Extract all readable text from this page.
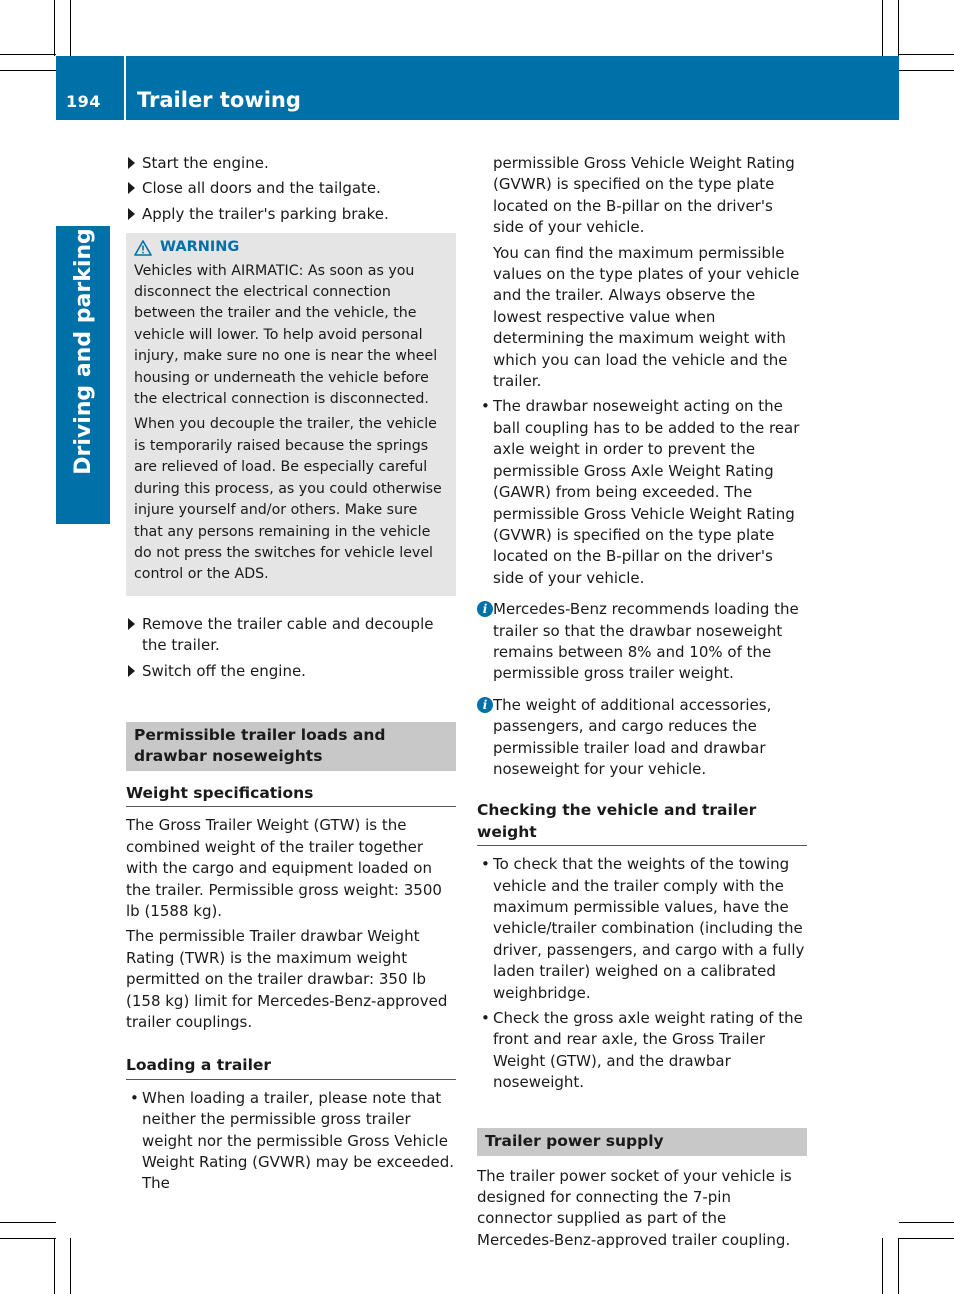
194 Trailer towing
Driving and parking
Start the engine.
Close all doors and the tailgate.
Apply the trailer's parking brake.
WARNING

Vehicles with AIRMATIC: As soon as you disconnect the electrical connection between the trailer and the vehicle, the vehicle will lower. To help avoid personal injury, make sure no one is near the wheel housing or underneath the vehicle before the electrical connection is disconnected.

When you decouple the trailer, the vehicle is temporarily raised because the springs are relieved of load. Be especially careful during this process, as you could otherwise injure yourself and/or others. Make sure that any persons remaining in the vehicle do not press the switches for vehicle level control or the ADS.

Remove the trailer cable and decouple the trailer.
Switch off the engine.
Permissible trailer loads and drawbar noseweights
Weight specifications

The Gross Trailer Weight (GTW) is the combined weight of the trailer together with the cargo and equipment loaded on the trailer. Permissible gross weight: 3500 lb (1588 kg).

The permissible Trailer drawbar Weight Rating (TWR) is the maximum weight permitted on the trailer drawbar: 350 lb (158 kg) limit for Mercedes-Benz-approved trailer couplings.

Loading a trailer
• When loading a trailer, please note that neither the permissible gross trailer weight nor the permissible Gross Vehicle Weight Rating (GVWR) may be exceeded. The

permissible Gross Vehicle Weight Rating (GVWR) is specified on the type plate located on the B-pillar on the driver's side of your vehicle.

You can find the maximum permissible values on the type plates of your vehicle and the trailer. Always observe the lowest respective value when determining the maximum weight with which you can load the vehicle and the trailer.

• The drawbar noseweight acting on the ball coupling has to be added to the rear axle weight in order to prevent the permissible Gross Axle Weight Rating (GAWR) from being exceeded. The permissible Gross Vehicle Weight Rating (GVWR) is specified on the type plate located on the B-pillar on the driver's side of your vehicle.
i Mercedes-Benz recommends loading the trailer so that the drawbar noseweight remains between 8% and 10% of the permissible gross trailer weight.
i The weight of additional accessories, passengers, and cargo reduces the permissible trailer load and drawbar noseweight for your vehicle.
Checking the vehicle and trailer weight
• To check that the weights of the towing vehicle and the trailer comply with the maximum permissible values, have the vehicle/trailer combination (including the driver, passengers, and cargo with a fully laden trailer) weighed on a calibrated weighbridge.
• Check the gross axle weight rating of the front and rear axle, the Gross Trailer Weight (GTW), and the drawbar noseweight.
Trailer power supply

The trailer power socket of your vehicle is designed for connecting the 7-pin connector supplied as part of the Mercedes-Benz-approved trailer coupling.
